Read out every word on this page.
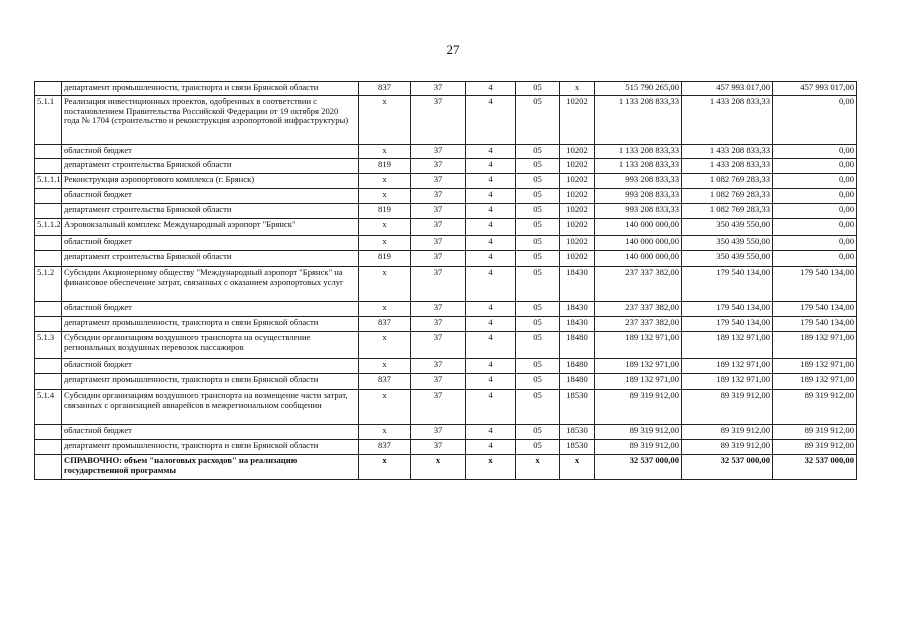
27
	департамент промышленности, транспорта и связи Брянской области	837	37	4	05	x	515 790 265,00	457 993 017,00	457 993 017,00
5.1.1	Реализация инвестиционных проектов, одобренных в соответствии с постановлением Правительства Российской Федерации от 19 октября 2020 года № 1704 (строительство и реконструкция аэропортовой инфраструктуры)	x	37	4	05	10202	1 133 208 833,33	1 433 208 833,33	0,00
	областной бюджет	x	37	4	05	10202	1 133 208 833,33	1 433 208 833,33	0,00
	департамент строительства Брянской области	819	37	4	05	10202	1 133 208 833,33	1 433 208 833,33	0,00
5.1.1.1	Реконструкция аэропортового комплекса (г. Брянск)	x	37	4	05	10202	993 208 833,33	1 082 769 283,33	0,00
	областной бюджет	x	37	4	05	10202	993 208 833,33	1 082 769 283,33	0,00
	департамент строительства Брянской области	819	37	4	05	10202	993 208 833,33	1 082 769 283,33	0,00
5.1.1.2	Аэровокзальный комплекс Международный аэропорт "Брянск"	x	37	4	05	10202	140 000 000,00	350 439 550,00	0,00
	областной бюджет	x	37	4	05	10202	140 000 000,00	350 439 550,00	0,00
	департамент строительства Брянской области	819	37	4	05	10202	140 000 000,00	350 439 550,00	0,00
5.1.2	Субсидии Акционерному обществу "Международный аэропорт "Брянск" на финансовое обеспечение затрат, связанных с оказанием аэропортовых услуг	x	37	4	05	18430	237 337 382,00	179 540 134,00	179 540 134,00
	областной бюджет	x	37	4	05	18430	237 337 382,00	179 540 134,00	179 540 134,00
	департамент промышленности, транспорта и связи Брянской области	837	37	4	05	18430	237 337 382,00	179 540 134,00	179 540 134,00
5.1.3	Субсидии организациям воздушного транспорта на осуществление региональных воздушных перевозок пассажиров	x	37	4	05	18480	189 132 971,00	189 132 971,00	189 132 971,00
	областной бюджет	x	37	4	05	18480	189 132 971,00	189 132 971,00	189 132 971,00
	департамент промышленности, транспорта и связи Брянской области	837	37	4	05	18480	189 132 971,00	189 132 971,00	189 132 971,00
5.1.4	Субсидии организациям воздушного транспорта на возмещение части затрат, связанных с организацией авиарейсов в межрегиональном сообщении	x	37	4	05	18530	89 319 912,00	89 319 912,00	89 319 912,00
	областной бюджет	x	37	4	05	18530	89 319 912,00	89 319 912,00	89 319 912,00
	департамент промышленности, транспорта и связи Брянской области	837	37	4	05	18530	89 319 912,00	89 319 912,00	89 319 912,00
	СПРАВОЧНО: объем "налоговых расходов" на реализацию государственной программы	x	x	x	x	x	32 537 000,00	32 537 000,00	32 537 000,00
